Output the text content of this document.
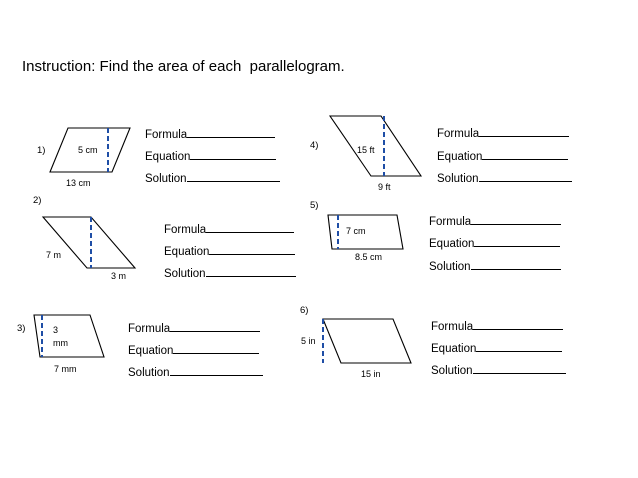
Instruction: Find the area of each  parallelogram.
1)	5 cm
13 cm
Formula
Equation
Solution
2)
7 m
3 m
Formula
Equation
Solution
3)	3
mm
7 mm
Formula
Equation
Solution
4)	15 ft
9 ft
Formula
Equation
Solution
5)
7 cm
8.5 cm
Formula
Equation
Solution
6)
5 in
15 in
Formula
Equation
Solution
